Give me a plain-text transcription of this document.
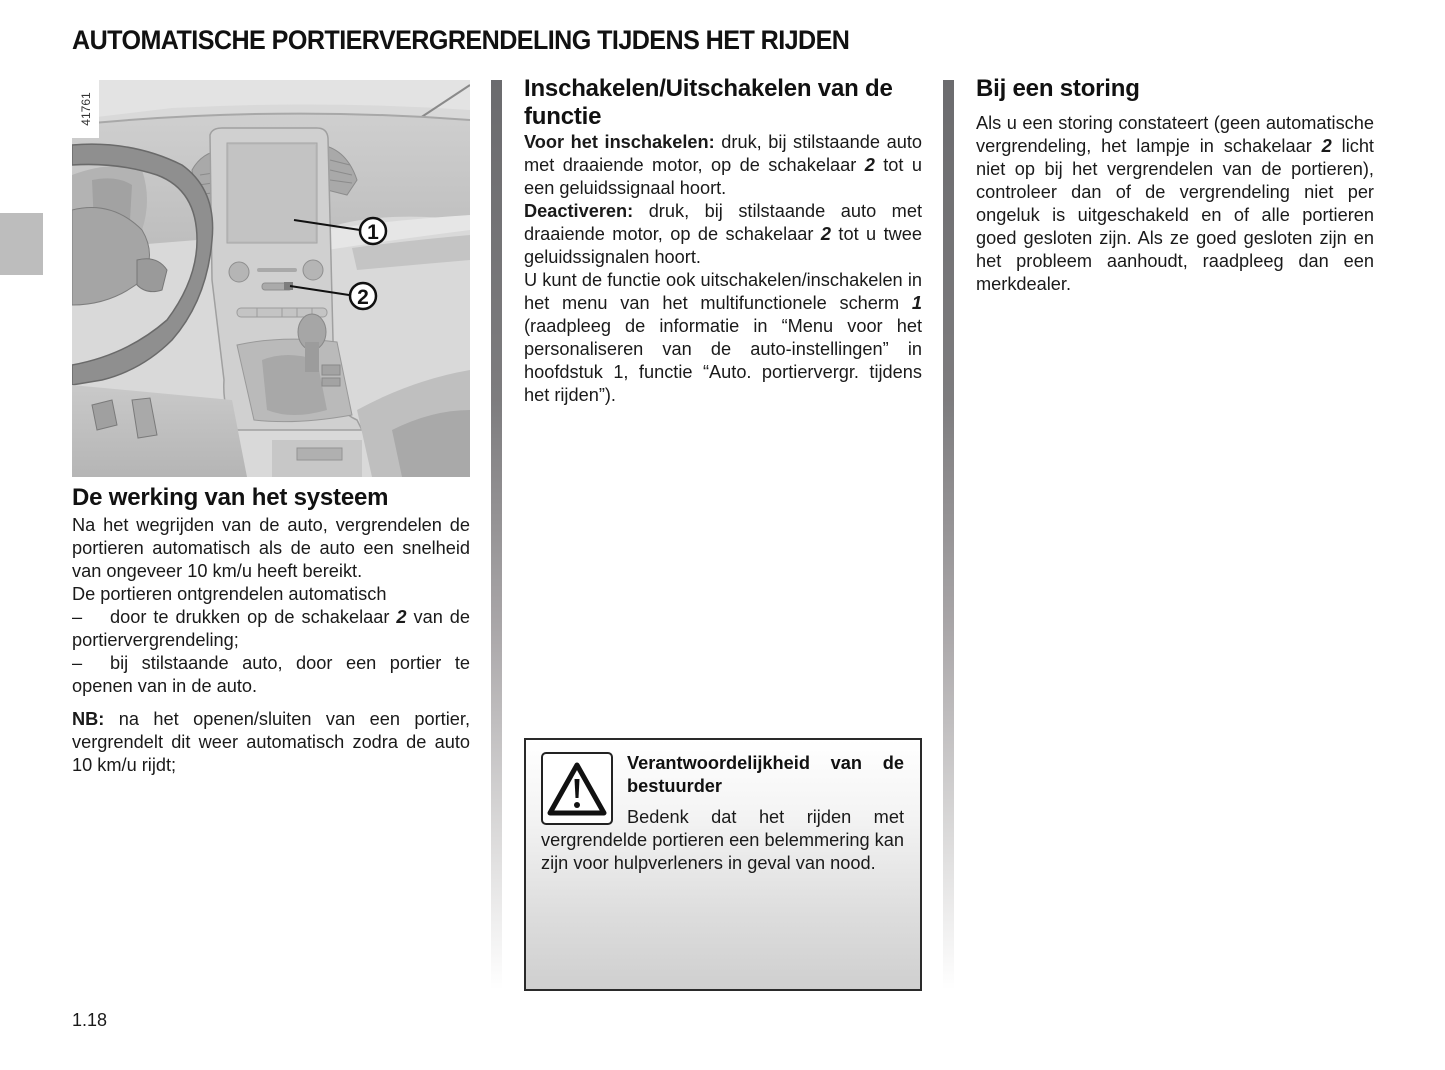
AUTOMATISCHE PORTIERVERGRENDELING TIJDENS HET RIJDEN
1
2
41761
De werking van het systeem

Na het wegrijden van de auto, vergrendelen de portieren automatisch als de auto een snelheid van ongeveer 10 km/u heeft bereikt.

De portieren ontgrendelen automatisch

– door te drukken op de schakelaar 2 van de portiervergrendeling;

– bij stilstaande auto, door een portier te openen van in de auto.

NB: na het openen/sluiten van een portier, vergrendelt dit weer automatisch zodra de auto 10 km/u rijdt;

Inschakelen/Uitschakelen van de functie

Voor het inschakelen: druk, bij stilstaande auto met draaiende motor, op de schakelaar 2 tot u een geluidssignaal hoort.

Deactiveren: druk, bij stilstaande auto met draaiende motor, op de schakelaar 2 tot u twee geluidssignalen hoort.

U kunt de functie ook uitschakelen/inschakelen in het menu van het multifunctionele scherm 1 (raadpleeg de informatie in “Menu voor het personaliseren van de auto-instellingen” in hoofdstuk 1, functie “Auto. portiervergr. tijdens het rijden”).

Verantwoordelijkheid van de bestuurder
Bedenk dat het rijden met vergrendelde portieren een belemmering kan zijn voor hulpverleners in geval van nood.
Bij een storing

Als u een storing constateert (geen automatische vergrendeling, het lampje in schakelaar 2 licht niet op bij het vergrendelen van de portieren), controleer dan of de vergrendeling niet per ongeluk is uitgeschakeld en of alle portieren goed gesloten zijn. Als ze goed gesloten zijn en het probleem aanhoudt, raadpleeg dan een merkdealer.

1.18
